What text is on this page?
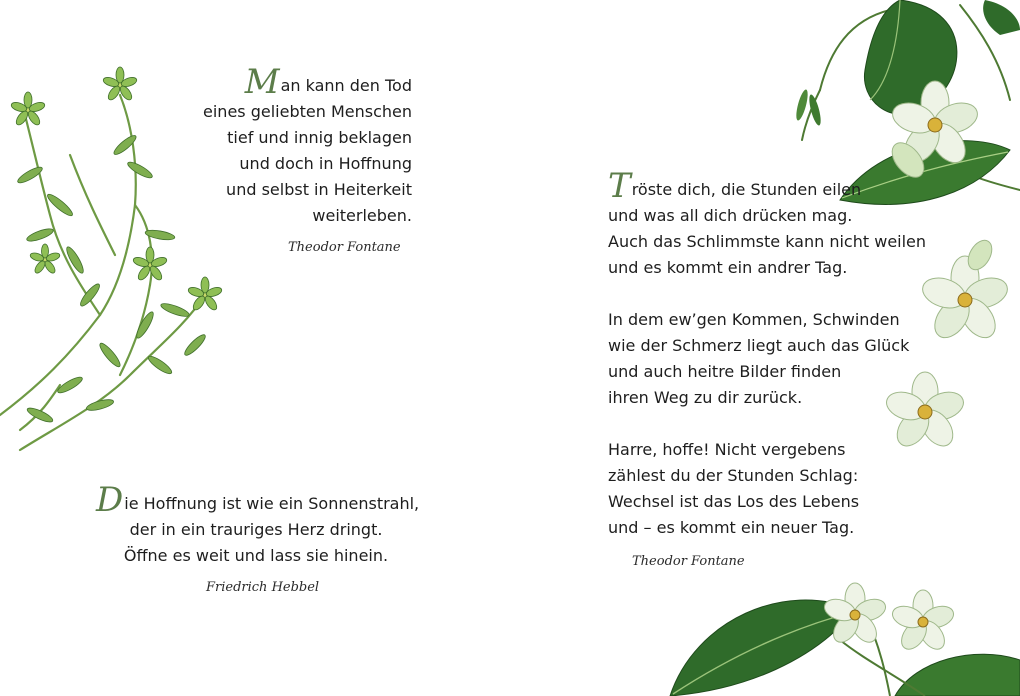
Man kann den Tod
eines geliebten Menschen
tief und innig beklagen
und doch in Hoffnung
und selbst in Heiterkeit
weiterleben.
Theodor Fontane
Die Hoffnung ist wie ein Sonnenstrahl,
der in ein trauriges Herz dringt.
Öffne es weit und lass sie hinein.
Friedrich Hebbel
Tröste dich, die Stunden eilen
und was all dich drücken mag.
Auch das Schlimmste kann nicht weilen
und es kommt ein andrer Tag.
In dem ew’gen Kommen, Schwinden
wie der Schmerz liegt auch das Glück
und auch heitre Bilder finden
ihren Weg zu dir zurück.
Harre, hoffe! Nicht vergebens
zählest du der Stunden Schlag:
Wechsel ist das Los des Lebens
und – es kommt ein neuer Tag.
Theodor Fontane
